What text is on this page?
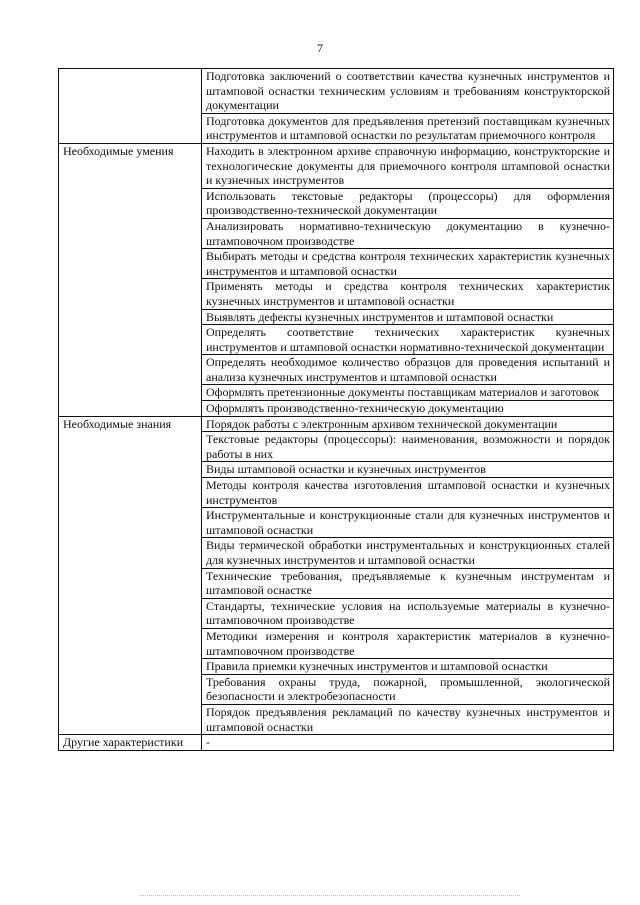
7
	Подготовка заключений о соответствии качества кузнечных инструментов и штамповой оснастки техническим условиям и требованиям конструкторской документации
	Подготовка документов для предъявления претензий поставщикам кузнечных инструментов и штамповой оснастки по результатам приемочного контроля
Необходимые умения	Находить в электронном архиве справочную информацию, конструкторские и технологические документы для приемочного контроля штамповой оснастки и кузнечных инструментов
	Использовать текстовые редакторы (процессоры) для оформления производственно-технической документации
	Анализировать нормативно-техническую документацию в кузнечно-штамповочном производстве
	Выбирать методы и средства контроля технических характеристик кузнечных инструментов и штамповой оснастки
	Применять методы и средства контроля технических характеристик кузнечных инструментов и штамповой оснастки
	Выявлять дефекты кузнечных инструментов и штамповой оснастки
	Определять соответствие технических характеристик кузнечных инструментов и штамповой оснастки нормативно-технической документации
	Определять необходимое количество образцов для проведения испытаний и анализа кузнечных инструментов и штамповой оснастки
	Оформлять претензионные документы поставщикам материалов и заготовок
	Оформлять производственно-техническую документацию
Необходимые знания	Порядок работы с электронным архивом технической документации
	Текстовые редакторы (процессоры): наименования, возможности и порядок работы в них
	Виды штамповой оснастки и кузнечных инструментов
	Методы контроля качества изготовления штамповой оснастки и кузнечных инструментов
	Инструментальные и конструкционные стали для кузнечных инструментов и штамповой оснастки
	Виды термической обработки инструментальных и конструкционных сталей для кузнечных инструментов и штамповой оснастки
	Технические требования, предъявляемые к кузнечным инструментам и штамповой оснастке
	Стандарты, технические условия на используемые материалы в кузнечно-штамповочном производстве
	Методики измерения и контроля характеристик материалов в кузнечно-штамповочном производстве
	Правила приемки кузнечных инструментов и штамповой оснастки
	Требования охраны труда, пожарной, промышленной, экологической безопасности и электробезопасности
	Порядок предъявления рекламаций по качеству кузнечных инструментов и штамповой оснастки
Другие характеристики	-
